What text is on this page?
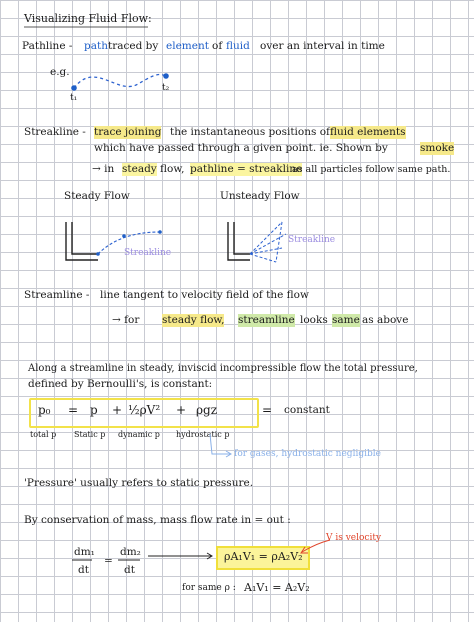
Visualizing Fluid Flow:
Pathline - path traced by element of fluid over an interval in time
e.g.
t₁
t₂
Streakline - trace joining the instantaneous positions of fluid elements
which have passed through a given point. ie. Shown by	smoke
→ in steady flow, pathline = streakline
as all particles follow same path.
Steady Flow	Unsteady Flow
Streakline
Streakline
Streamline - line tangent to velocity field of the flow
→ for steady flow, streamline looks same as above
Along a streamline in steady, inviscid incompressible flow the total pressure,
defined by Bernoulli's, is constant:
p₀ = p + ½ρV² + ρgz	= constant
total p Static p dynamic p hydrostatic p
for gases, hydrostatic negligible
'Pressure' usually refers to static pressure.
By conservation of mass, mass flow rate in = out :
dm₁
dt
=
dm₂
dt
V is velocity
ρA₁V₁ = ρA₂V₂
for same ρ : A₁V₁ = A₂V₂
